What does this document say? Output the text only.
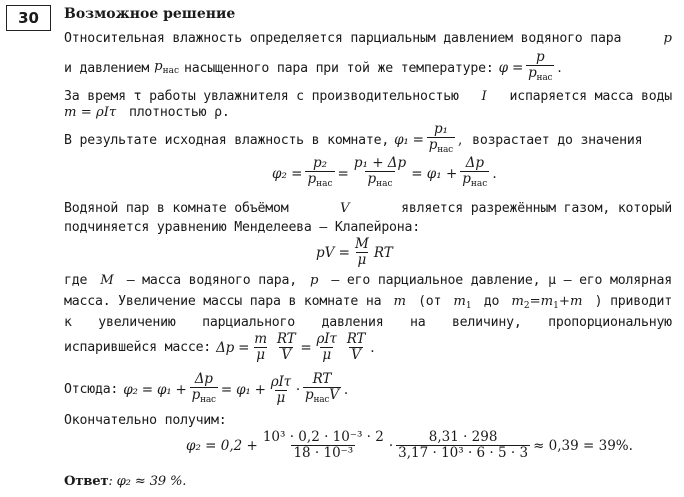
30	Возможное решение
Относительная влажность определяется парциальным давлением водяного пара	p
и давлением $p_{нас}$ насыщенного пара при той же температуре: $\varphi = \frac{p}{p_{нас}}$ .
За время τ работы увлажнителя с производительностью I испаряется масса воды
m = ρIτ плотностью ρ.
В результате исходная влажность в комнате, $\varphi_1 = \frac{\text{p₁}}{p_{нас}}$ , возрастает до значения
$\varphi_2 = \frac{\text{p₂}}{p_{нас}} = \frac{\text{p₁ + Δp}}{p_{нас}} = \varphi_1 + \frac{\Delta p}{p_{нас}}$ .
Водяной пар в комнате объёмом	V	является разрежённым газом, который
подчиняется уравнению Менделеева — Клапейрона:
pV = $\frac{M}{\mu}$ RT
где M — масса водяного пара, p — его парциальное давление, μ — его молярная
масса. Увеличение массы пара в комнате на m (от $m_1$ до $m_2=m_1+m$ ) приводит
к увеличению парциального давления на величину, пропорциональную
испарившейся массе: $\Delta p = \frac{m}{\mu} \frac{RT}{V} = \frac{\text{ρIτ}}{\mu} \frac{RT}{V}$ .
Отсюда: $\varphi_2 = \varphi_1 + \frac{\Delta p}{p_{нас}} = \varphi_1 + \frac{\text{ρIτ}}{\mu} \cdot \frac{RT}{p_{нас}V}$ .
Окончательно получим:
$\varphi_2 = 0,2 + \frac{\text{10³ · 0,2 · 10⁻³ · 2}}{\text{18 · 10⁻³}} \cdot \frac{8,31 \cdot 298}{\text{3,17 · 10³ · 6 · 5 · 3}} \approx 0,39 = 39\%$.
Ответ: φ₂ ≈ 39 %.
